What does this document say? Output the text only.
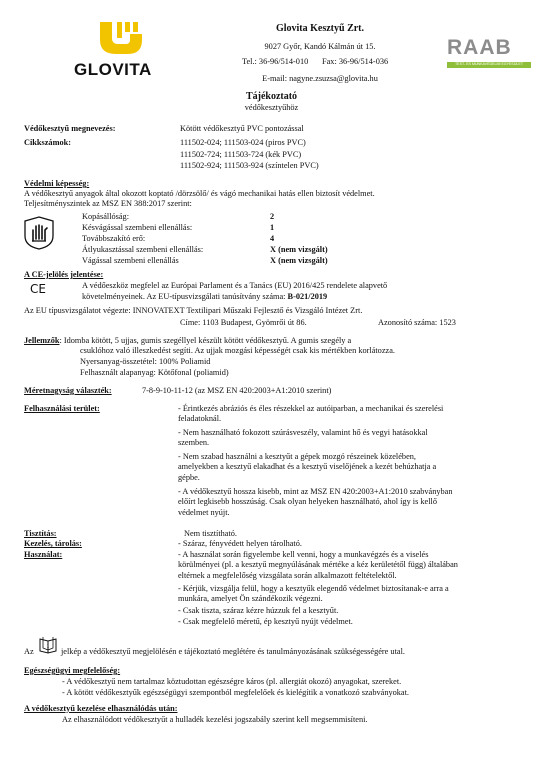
GLOVITA
Glovita Kesztyű Zrt.
9027 Győr, Kandó Kálmán út 15.
Tel.: 36-96/514-010 Fax: 36-96/514-036
E-mail: nagyne.zsuzsa@glovita.hu
RAAB
TEST- ÉS MUNKAVÉDELMI EGYESÜLET
Tájékoztató
védőkesztyűhöz
Védőkesztyű megnevezés:	Kötött védőkesztyű PVC pontozással
Cikkszámok:	111502-024; 111503-024 (piros PVC)
111502-724; 111503-724 (kék PVC)
111502-924; 111503-924 (színtelen PVC)
Védelmi képesség:
A védőkesztyű anyagok által okozott koptató /dörzsölő/ és vágó mechanikai hatás ellen biztosít védelmet.
Teljesítményszintek az MSZ EN 388:2017 szerint:
Kopásállóság:	2
Késvágással szembeni ellenállás:	1
Továbbszakító erő:	4
Átlyukasztással szembeni ellenállás:	X (nem vizsgált)
Vágással szembeni ellenállás	X (nem vizsgált)
A CE-jelölés jelentése:
CE	A védőeszköz megfelel az Európai Parlament és a Tanács (EU) 2016/425 rendelete alapvető
követelményeinek. Az EU-típusvizsgálati tanúsítvány száma: B-021/2019
Az EU típusvizsgálatot végezte: INNOVATEXT Textilipari Műszaki Fejlesztő és Vizsgáló Intézet Zrt.
Címe: 1103 Budapest, Gyömrői út 86.	Azonosító száma: 1523
Jellemzők: Idomba kötött, 5 ujjas, gumis szegéllyel készült kötött védőkesztyű. A gumis szegély a
csuklóhoz való illeszkedést segíti. Az ujjak mozgási képességét csak kis mértékben korlátozza.
Nyersanyag-összetétel: 100% Poliamid
Felhasznált alapanyag: Kötőfonal (poliamid)
Méretnagyság választék:	7-8-9-10-11-12 (az MSZ EN 420:2003+A1:2010 szerint)
Felhasználási terület:	- Érintkezés abráziós és éles részekkel az autóiparban, a mechanikai és szerelési feladatoknál.
- Nem használható fokozott szúrásveszély, valamint hő és vegyi hatásokkal szemben.
- Nem szabad használni a kesztyűt a gépek mozgó részeinek közelében, amelyekben a kesztyű elakadhat és a kesztyű viselőjének a kezét behúzhatja a gépbe.
- A védőkesztyű hossza kisebb, mint az MSZ EN 420:2003+A1:2010 szabványban előírt legkisebb hosszúság. Csak olyan helyeken használható, ahol így is kellő védelmet nyújt.
Tisztítás:	Nem tisztítható.
Kezelés, tárolás:	- Száraz, fényvédett helyen tárolható.
Használat:	- A használat során figyelembe kell venni, hogy a munkavégzés és a viselés körülményei (pl. a kesztyű megnyúlásának mértéke a kéz kerületétől függ) általában eltérnek a megfelelőség vizsgálata során alkalmazott feltételektől.
- Kérjük, vizsgálja felül, hogy a kesztyűk elegendő védelmet biztosítanak-e arra a munkára, amelyet Ön szándékozik végezni.
- Csak tiszta, száraz kézre húzzuk fel a kesztyűt.
- Csak megfelelő méretű, ép kesztyű nyújt védelmet.
Az
i
jelkép a védőkesztyű megjelölésén e tájékoztató meglétére és tanulmányozásának szükségességére utal.
Egészségügyi megfelelőség:
- A védőkesztyű nem tartalmaz köztudottan egészségre káros (pl. allergiát okozó) anyagokat, szereket.
- A kötött védőkesztyűk egészségügyi szempontból megfelelőek és kielégítik a vonatkozó szabványokat.
A védőkesztyű kezelése elhasználódás után:
Az elhasználódott védőkesztyűt a hulladék kezelési jogszabály szerint kell megsemmisíteni.
